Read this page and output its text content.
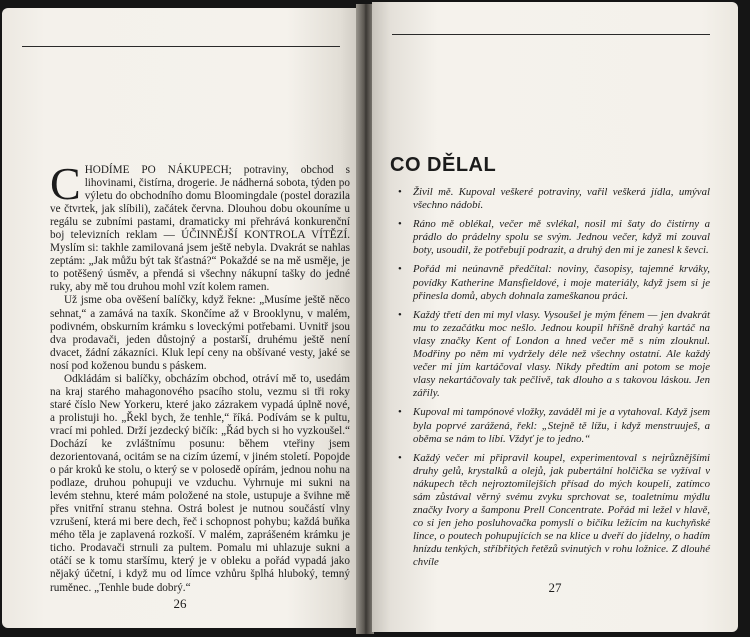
CHODÍME PO NÁKUPECH; potraviny, obchod s lihovinami, čistírna, drogerie. Je nádherná sobota, týden po výletu do obchodního domu Bloomingdale (postel dorazila ve čtvrtek, jak slíbili), začátek června. Dlouhou dobu okouníme u regálu se zubními pastami, dramaticky mi přehrává konkurenční boj televizních reklam — ÚČINNĚJŠÍ KONTROLA VÍTĚZÍ. Myslím si: takhle zamilovaná jsem ještě nebyla. Dvakrát se nahlas zeptám: „Jak můžu být tak šťastná?“ Pokaždé se na mě usměje, je to potěšený úsměv, a přendá si všechny nákupní tašky do jedné ruky, aby mě tou druhou mohl vzít kolem ramen.

Už jsme oba ověšení balíčky, když řekne: „Musíme ještě něco sehnat,“ a zamává na taxík. Skončíme až v Brooklynu, v malém, podivném, obskurním krámku s loveckými potřebami. Uvnitř jsou dva prodavači, jeden důstojný a postarší, druhému ještě není dvacet, žádní zákazníci. Kluk lepí ceny na obšívané vesty, jaké se nosí pod koženou bundu s páskem.

Odkládám si balíčky, obcházím obchod, otráví mě to, usedám na kraj starého mahagonového psacího stolu, vezmu si tři roky staré číslo New Yorkeru, které jako zázrakem vypadá úplně nové, a prolistuji ho. „Řekl bych, že tenhle,“ říká. Podívám se k pultu, vrací mi pohled. Drží jezdecký bičík: „Řád bych si ho vyzkoušel.“ Dochází ke zvláštnímu posunu: během vteřiny jsem dezorientovaná, ocitám se na cizím území, v jiném století. Popojde o pár kroků ke stolu, o který se v polosedě opírám, jednou nohu na podlaze, druhou pohupuji ve vzduchu. Vyhrnuje mi sukni na levém stehnu, které mám položené na stole, ustupuje a švihne mě přes vnitřní stranu stehna. Ostrá bolest je nutnou součástí vlny vzrušení, která mi bere dech, řeč i schopnost pohybu; každá buňka mého těla je zaplavená rozkoší. V malém, zaprášeném krámku je ticho. Prodavači strnuli za pultem. Pomalu mi uhlazuje sukni a otáčí se k tomu staršímu, který je v obleku a pořád vypadá jako nějaký účetní, i když mu od límce vzhůru šplhá hluboký, temný ruměnec. „Tenhle bude dobrý.“

26
CO DĚLAL
• Živil mě. Kupoval veškeré potraviny, vařil veškerá jídla, umýval všechno nádobí.
• Ráno mě oblékal, večer mě svlékal, nosil mi šaty do čistírny a prádlo do prádelny spolu se svým. Jednou večer, když mi zouval boty, usoudil, že potřebují podrazit, a druhý den mi je zanesl k ševci.
• Pořád mi neúnavně předčítal: noviny, časopisy, tajemné krváky, povídky Katherine Mansfieldové, i moje materiály, když jsem si je přinesla domů, abych dohnala zameškanou práci.
• Každý třetí den mi myl vlasy. Vysoušel je mým fénem — jen dvakrát mu to zezačátku moc nešlo. Jednou koupil hříšně drahý kartáč na vlasy značky Kent of London a hned večer mě s ním zlouknul. Modřiny po něm mi vydržely déle než všechny ostatní. Ale každý večer mi jím kartáčoval vlasy. Nikdy předtím ani potom se moje vlasy nekartáčovaly tak pečlivě, tak dlouho a s takovou láskou. Jen zářily.
• Kupoval mi tampónové vložky, zaváděl mi je a vytahoval. Když jsem byla poprvé zarážená, řekl: „Stejně tě lížu, i když menstruuješ, a oběma se nám to líbí. Vždyť je to jedno.“
• Každý večer mi připravil koupel, experimentoval s nejrůznějšími druhy gelů, krystalků a olejů, jak pubertální holčička se vyžíval v nákupech těch nejroztomilejších přísad do mých koupelí, zatímco sám zůstával věrný svému zvyku sprchovat se, toaletnímu mýdlu značky Ivory a šamponu Prell Concentrate. Pořád mi ležel v hlavě, co si jen jeho posluhovačka pomyslí o bičíku ležícím na kuchyňské lince, o poutech pohupujících se na klice u dveří do jídelny, o hadím hnízdu tenkých, stříbřitých řetězů svinutých v rohu ložnice. Z dlouhé chvíle
27
